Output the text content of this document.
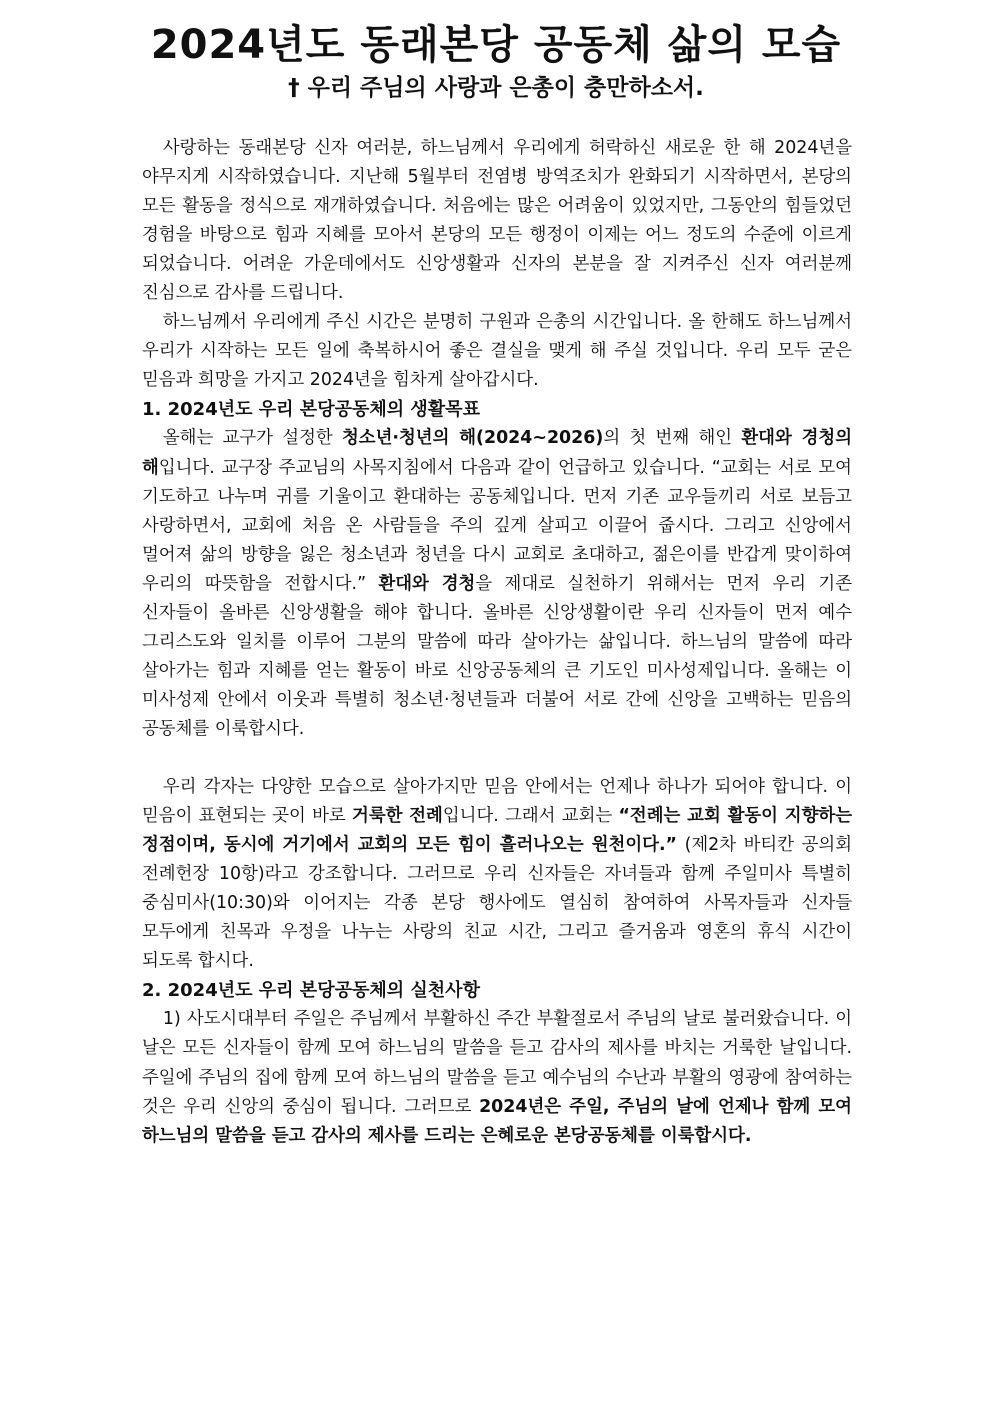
2024년도 동래본당 공동체 삶의 모습
† 우리 주님의 사랑과 은총이 충만하소서.

사랑하는 동래본당 신자 여러분, 하느님께서 우리에게 허락하신 새로운 한 해 2024년을 야무지게 시작하였습니다. 지난해 5월부터 전염병 방역조치가 완화되기 시작하면서, 본당의 모든 활동을 정식으로 재개하였습니다. 처음에는 많은 어려움이 있었지만, 그동안의 힘들었던 경험을 바탕으로 힘과 지혜를 모아서 본당의 모든 행정이 이제는 어느 정도의 수준에 이르게 되었습니다. 어려운 가운데에서도 신앙생활과 신자의 본분을 잘 지켜주신 신자 여러분께 진심으로 감사를 드립니다.

하느님께서 우리에게 주신 시간은 분명히 구원과 은총의 시간입니다. 올 한해도 하느님께서 우리가 시작하는 모든 일에 축복하시어 좋은 결실을 맺게 해 주실 것입니다. 우리 모두 굳은 믿음과 희망을 가지고 2024년을 힘차게 살아갑시다.

1. 2024년도 우리 본당공동체의 생활목표

올해는 교구가 설정한 청소년·청년의 해(2024~2026)의 첫 번째 해인 환대와 경청의 해입니다. 교구장 주교님의 사목지침에서 다음과 같이 언급하고 있습니다. “교회는 서로 모여 기도하고 나누며 귀를 기울이고 환대하는 공동체입니다. 먼저 기존 교우들끼리 서로 보듬고 사랑하면서, 교회에 처음 온 사람들을 주의 깊게 살피고 이끌어 줍시다. 그리고 신앙에서 멀어져 삶의 방향을 잃은 청소년과 청년을 다시 교회로 초대하고, 젊은이를 반갑게 맞이하여 우리의 따뜻함을 전합시다.” 환대와 경청을 제대로 실천하기 위해서는 먼저 우리 기존 신자들이 올바른 신앙생활을 해야 합니다. 올바른 신앙생활이란 우리 신자들이 먼저 예수 그리스도와 일치를 이루어 그분의 말씀에 따라 살아가는 삶입니다. 하느님의 말씀에 따라 살아가는 힘과 지혜를 얻는 활동이 바로 신앙공동체의 큰 기도인 미사성제입니다. 올해는 이 미사성제 안에서 이웃과 특별히 청소년·청년들과 더불어 서로 간에 신앙을 고백하는 믿음의 공동체를 이룩합시다.

우리 각자는 다양한 모습으로 살아가지만 믿음 안에서는 언제나 하나가 되어야 합니다. 이 믿음이 표현되는 곳이 바로 거룩한 전례입니다. 그래서 교회는 “전례는 교회 활동이 지향하는 정점이며, 동시에 거기에서 교회의 모든 힘이 흘러나오는 원천이다.” (제2차 바티칸 공의회 전례헌장 10항)라고 강조합니다. 그러므로 우리 신자들은 자녀들과 함께 주일미사 특별히 중심미사(10:30)와 이어지는 각종 본당 행사에도 열심히 참여하여 사목자들과 신자들 모두에게 친목과 우정을 나누는 사랑의 친교 시간, 그리고 즐거움과 영혼의 휴식 시간이 되도록 합시다.

2. 2024년도 우리 본당공동체의 실천사항

1) 사도시대부터 주일은 주님께서 부활하신 주간 부활절로서 주님의 날로 불러왔습니다. 이 날은 모든 신자들이 함께 모여 하느님의 말씀을 듣고 감사의 제사를 바치는 거룩한 날입니다. 주일에 주님의 집에 함께 모여 하느님의 말씀을 듣고 예수님의 수난과 부활의 영광에 참여하는 것은 우리 신앙의 중심이 됩니다. 그러므로 2024년은 주일, 주님의 날에 언제나 함께 모여 하느님의 말씀을 듣고 감사의 제사를 드리는 은혜로운 본당공동체를 이룩합시다.
